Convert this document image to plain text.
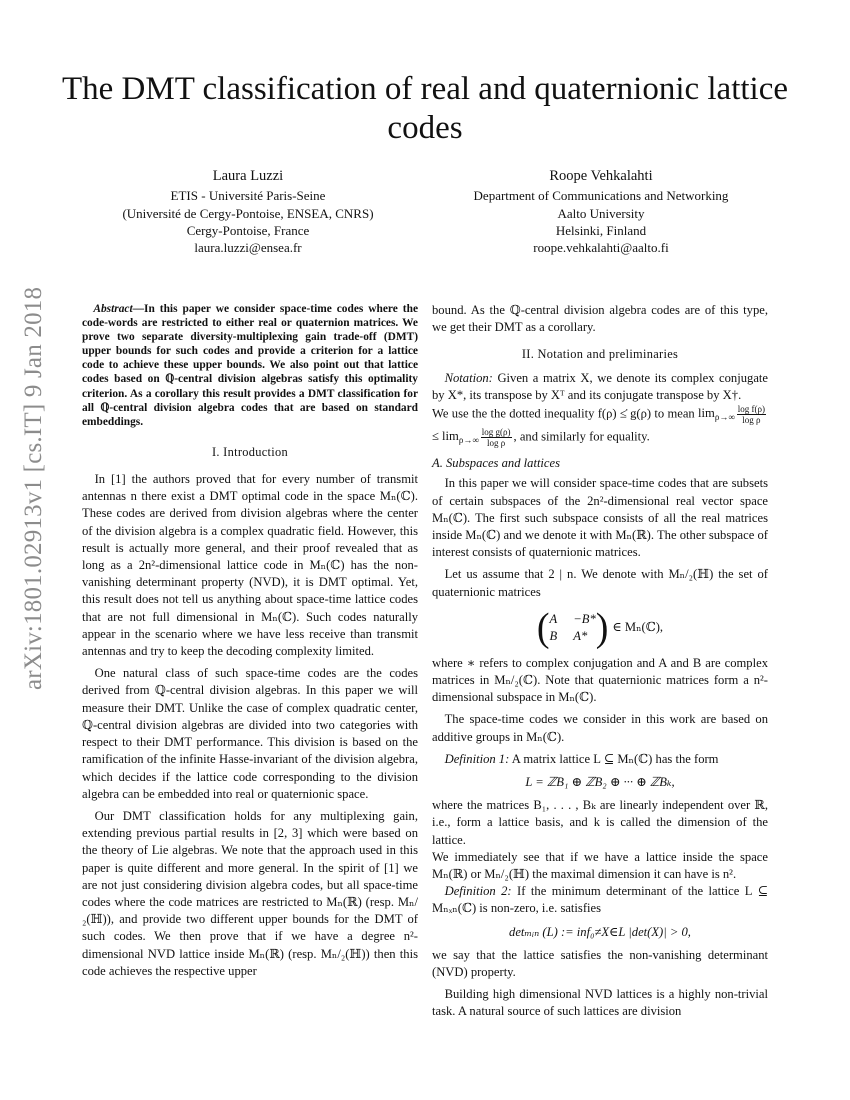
arXiv:1801.02913v1 [cs.IT] 9 Jan 2018
The DMT classification of real and quaternionic lattice codes
Laura Luzzi
ETIS - Université Paris-Seine
(Université de Cergy-Pontoise, ENSEA, CNRS)
Cergy-Pontoise, France
laura.luzzi@ensea.fr
Roope Vehkalahti
Department of Communications and Networking
Aalto University
Helsinki, Finland
roope.vehkalahti@aalto.fi

Abstract—In this paper we consider space-time codes where the code-words are restricted to either real or quaternion matrices. We prove two separate diversity-multiplexing gain trade-off (DMT) upper bounds for such codes and provide a criterion for a lattice code to achieve these upper bounds. We also point out that lattice codes based on ℚ-central division algebras satisfy this optimality criterion. As a corollary this result provides a DMT classification for all ℚ-central division algebra codes that are based on standard embeddings.

I. Introduction

In [1] the authors proved that for every number of transmit antennas n there exist a DMT optimal code in the space Mₙ(ℂ). These codes are derived from division algebras where the center of the division algebra is a complex quadratic field. However, this result is actually more general, and their proof revealed that as long as a 2n²-dimensional lattice code in Mₙ(ℂ) has the non-vanishing determinant property (NVD), it is DMT optimal. Yet, this result does not tell us anything about space-time lattice codes that are not full dimensional in Mₙ(ℂ). Such codes naturally appear in the scenario where we have less receive than transmit antennas and try to keep the decoding complexity limited.

One natural class of such space-time codes are the codes derived from ℚ-central division algebras. In this paper we will measure their DMT. Unlike the case of complex quadratic center, ℚ-central division algebras are divided into two categories with respect to their DMT performance. This division is based on the ramification of the infinite Hasse-invariant of the division algebra, which decides if the lattice code corresponding to the division algebra can be embedded into real or quaternionic space.

Our DMT classification holds for any multiplexing gain, extending previous partial results in [2, 3] which were based on the theory of Lie algebras. We note that the approach used in this paper is quite different and more general. In the spirit of [1] we are not just considering division algebra codes, but all space-time codes where the code matrices are restricted to Mₙ(ℝ) (resp. Mₙ/₂(ℍ)), and provide two different upper bounds for the DMT of such codes. We then prove that if we have a degree n²-dimensional NVD lattice inside Mₙ(ℝ) (resp. Mₙ/₂(ℍ)) then this code achieves the respective upper

bound. As the ℚ-central division algebra codes are of this type, we get their DMT as a corollary.

II. Notation and preliminaries

Notation: Given a matrix X, we denote its complex conjugate by X*, its transpose by Xᵀ and its conjugate transpose by X†.

We use the the dotted inequality f(ρ) ≤̇ g(ρ) to mean $\lim_{\rho\to\infty} \frac{\text{log f(ρ)}}{\text{log ρ}}$
≤ $\lim_{\rho\to\infty} \frac{\text{log g(ρ)}}{\text{log ρ}}$ , and similarly for equality.

A. Subspaces and lattices

In this paper we will consider space-time codes that are subsets of certain subspaces of the 2n²-dimensional real vector space Mₙ(ℂ). The first such subspace consists of all the real matrices inside Mₙ(ℂ) and we denote it with Mₙ(ℝ). The other subspace of interest consists of quaternionic matrices.

Let us assume that 2 | n. We denote with Mₙ/₂(ℍ) the set of quaternionic matrices

( A −B*
B A* ) ∈ Mₙ(ℂ),

where ∗ refers to complex conjugation and A and B are complex matrices in Mₙ/₂(ℂ). Note that quaternionic matrices form a n²-dimensional subspace in Mₙ(ℂ).

The space-time codes we consider in this work are based on additive groups in Mₙ(ℂ).

Definition 1: A matrix lattice L ⊆ Mₙ(ℂ) has the form

L = ℤB₁ ⊕ ℤB₂ ⊕ ··· ⊕ ℤBₖ,

where the matrices B₁, . . . , Bₖ are linearly independent over ℝ, i.e., form a lattice basis, and k is called the dimension of the lattice.

We immediately see that if we have a lattice inside the space Mₙ(ℝ) or Mₙ/₂(ℍ) the maximal dimension it can have is n².

Definition 2: If the minimum determinant of the lattice L ⊆ Mₙₓₙ(ℂ) is non-zero, i.e. satisfies

detₘᵢₙ (L) := inf₀≠X∈L |det(X)| > 0,

we say that the lattice satisfies the non-vanishing determinant (NVD) property.

Building high dimensional NVD lattices is a highly non-trivial task. A natural source of such lattices are division
